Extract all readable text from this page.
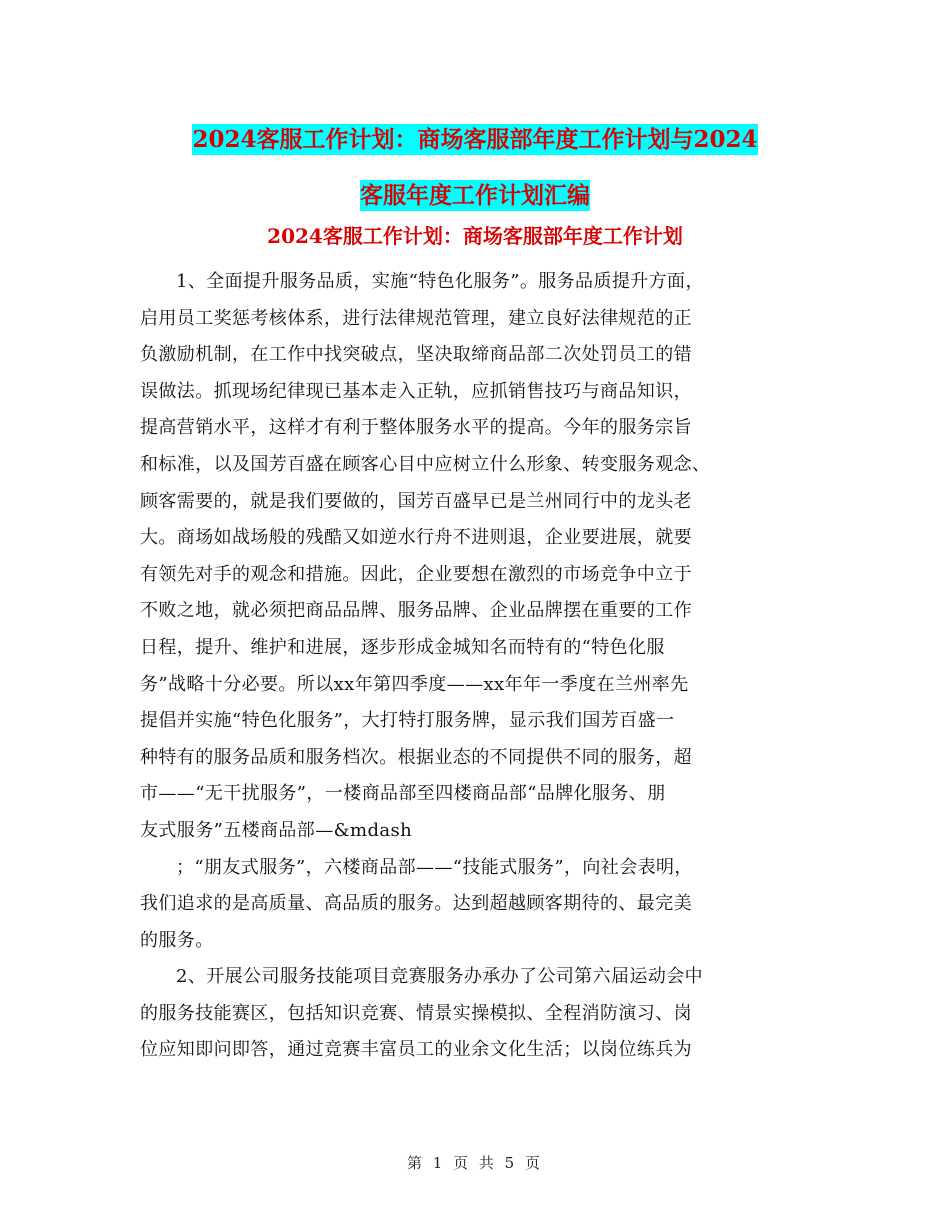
2024客服工作计划：商场客服部年度工作计划与2024
客服年度工作计划汇编
2024客服工作计划：商场客服部年度工作计划
1、全面提升服务品质，实施“特色化服务”。服务品质提升方面，
启用员工奖惩考核体系，进行法律规范管理，建立良好法律规范的正
负激励机制，在工作中找突破点，坚决取缔商品部二次处罚员工的错
误做法。抓现场纪律现已基本走入正轨，应抓销售技巧与商品知识，
提高营销水平，这样才有利于整体服务水平的提高。今年的服务宗旨
和标准，以及国芳百盛在顾客心目中应树立什么形象、转变服务观念、
顾客需要的，就是我们要做的，国芳百盛早已是兰州同行中的龙头老
大。商场如战场般的残酷又如逆水行舟不进则退，企业要进展，就要
有领先对手的观念和措施。因此，企业要想在激烈的市场竞争中立于
不败之地，就必须把商品品牌、服务品牌、企业品牌摆在重要的工作
日程，提升、维护和进展，逐步形成金城知名而特有的“特色化服
务”战略十分必要。所以xx年第四季度——xx年年一季度在兰州率先
提倡并实施“特色化服务”，大打特打服务牌，显示我们国芳百盛一
种特有的服务品质和服务档次。根据业态的不同提供不同的服务，超
市——“无干扰服务”，一楼商品部至四楼商品部“品牌化服务、朋
友式服务”五楼商品部—&mdash
；“朋友式服务”，六楼商品部——“技能式服务”，向社会表明，
我们追求的是高质量、高品质的服务。达到超越顾客期待的、最完美
的服务。
2、开展公司服务技能项目竞赛服务办承办了公司第六届运动会中
的服务技能赛区，包括知识竞赛、情景实操模拟、全程消防演习、岗
位应知即问即答，通过竞赛丰富员工的业余文化生活；以岗位练兵为
第 1 页 共 5 页
